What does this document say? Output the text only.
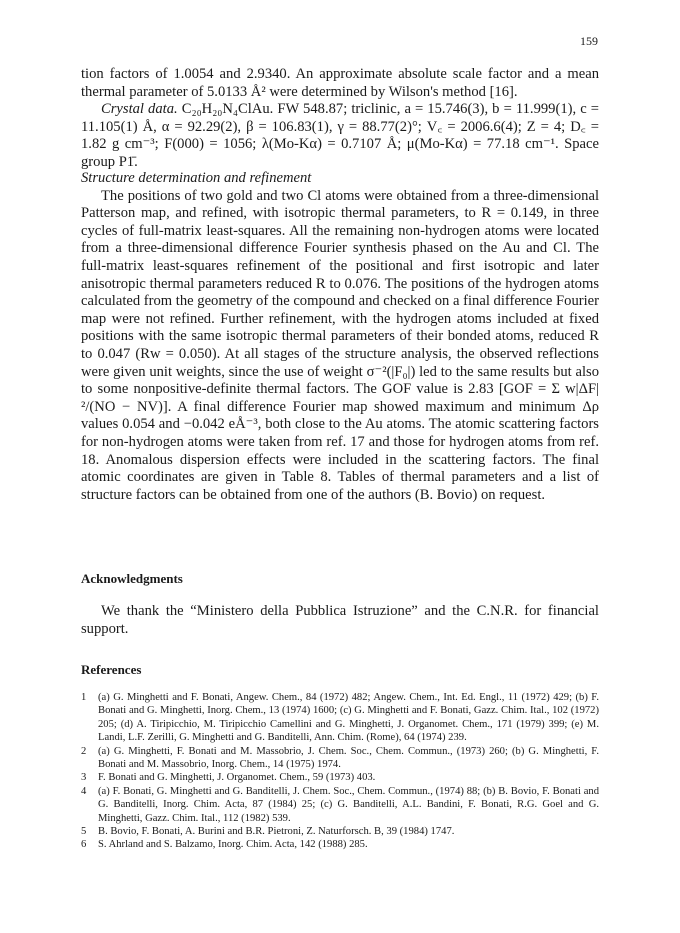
159

tion factors of 1.0054 and 2.9340. An approximate absolute scale factor and a mean thermal parameter of 5.0133 Å² were determined by Wilson's method [16].

Crystal data. C₂₀H₂₀N₄ClAu. FW 548.87; triclinic, a = 15.746(3), b = 11.999(1), c = 11.105(1) Å, α = 92.29(2), β = 106.83(1), γ = 88.77(2)°; V꜀ = 2006.6(4); Z = 4; D꜀ = 1.82 g cm⁻³; F(000) = 1056; λ(Mo-Kα) = 0.7107 Å; μ(Mo-Kα) = 77.18 cm⁻¹. Space group P1̄.

Structure determination and refinement

The positions of two gold and two Cl atoms were obtained from a three-dimensional Patterson map, and refined, with isotropic thermal parameters, to R = 0.149, in three cycles of full-matrix least-squares. All the remaining non-hydrogen atoms were located from a three-dimensional difference Fourier synthesis phased on the Au and Cl. The full-matrix least-squares refinement of the positional and first isotropic and later anisotropic thermal parameters reduced R to 0.076. The positions of the hydrogen atoms calculated from the geometry of the compound and checked on a final difference Fourier map were not refined. Further refinement, with the hydrogen atoms included at fixed positions with the same isotropic thermal parameters of their bonded atoms, reduced R to 0.047 (Rw = 0.050). At all stages of the structure analysis, the observed reflections were given unit weights, since the use of weight σ⁻²(|F₀|) led to the same results but also to some nonpositive-definite thermal factors. The GOF value is 2.83 [GOF = Σ w|ΔF|²/(NO − NV)]. A final difference Fourier map showed maximum and minimum Δρ values 0.054 and −0.042 eÅ⁻³, both close to the Au atoms. The atomic scattering factors for non-hydrogen atoms were taken from ref. 17 and those for hydrogen atoms from ref. 18. Anomalous dispersion effects were included in the scattering factors. The final atomic coordinates are given in Table 8. Tables of thermal parameters and a list of structure factors can be obtained from one of the authors (B. Bovio) on request.

Acknowledgments

We thank the “Ministero della Pubblica Istruzione” and the C.N.R. for financial support.

References

1 (a) G. Minghetti and F. Bonati, Angew. Chem., 84 (1972) 482; Angew. Chem., Int. Ed. Engl., 11 (1972) 429; (b) F. Bonati and G. Minghetti, Inorg. Chem., 13 (1974) 1600; (c) G. Minghetti and F. Bonati, Gazz. Chim. Ital., 102 (1972) 205; (d) A. Tiripicchio, M. Tiripicchio Camellini and G. Minghetti, J. Organomet. Chem., 171 (1979) 399; (e) M. Landi, L.F. Zerilli, G. Minghetti and G. Banditelli, Ann. Chim. (Rome), 64 (1974) 239.
2 (a) G. Minghetti, F. Bonati and M. Massobrio, J. Chem. Soc., Chem. Commun., (1973) 260; (b) G. Minghetti, F. Bonati and M. Massobrio, Inorg. Chem., 14 (1975) 1974.
3 F. Bonati and G. Minghetti, J. Organomet. Chem., 59 (1973) 403.
4 (a) F. Bonati, G. Minghetti and G. Banditelli, J. Chem. Soc., Chem. Commun., (1974) 88; (b) B. Bovio, F. Bonati and G. Banditelli, Inorg. Chim. Acta, 87 (1984) 25; (c) G. Banditelli, A.L. Bandini, F. Bonati, R.G. Goel and G. Minghetti, Gazz. Chim. Ital., 112 (1982) 539.
5 B. Bovio, F. Bonati, A. Burini and B.R. Pietroni, Z. Naturforsch. B, 39 (1984) 1747.
6 S. Ahrland and S. Balzamo, Inorg. Chim. Acta, 142 (1988) 285.
